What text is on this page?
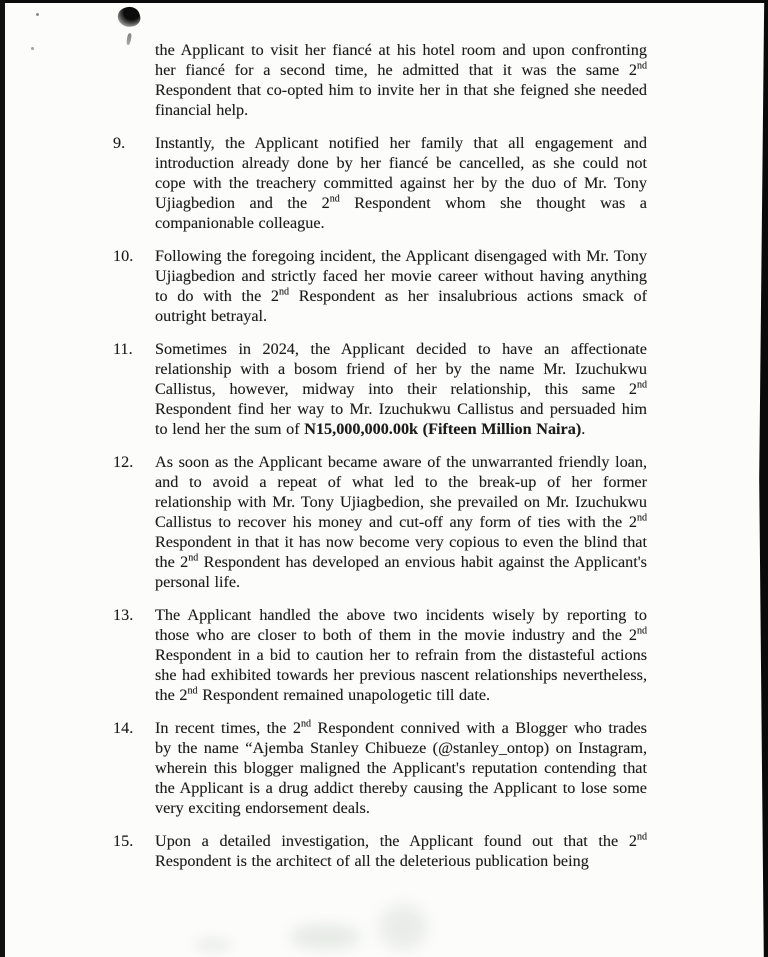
the Applicant to visit her fiancé at his hotel room and upon confronting her fiancé for a second time, he admitted that it was the same 2nd Respondent that co-opted him to invite her in that she feigned she needed financial help.

9. Instantly, the Applicant notified her family that all engagement and introduction already done by her fiancé be cancelled, as she could not cope with the treachery committed against her by the duo of Mr. Tony Ujiagbedion and the 2nd Respondent whom she thought was a companionable colleague.

10. Following the foregoing incident, the Applicant disengaged with Mr. Tony Ujiagbedion and strictly faced her movie career without having anything to do with the 2nd Respondent as her insalubrious actions smack of outright betrayal.

11. Sometimes in 2024, the Applicant decided to have an affectionate relationship with a bosom friend of her by the name Mr. Izuchukwu Callistus, however, midway into their relationship, this same 2nd Respondent find her way to Mr. Izuchukwu Callistus and persuaded him to lend her the sum of N15,000,000.00k (Fifteen Million Naira).

12. As soon as the Applicant became aware of the unwarranted friendly loan, and to avoid a repeat of what led to the break-up of her former relationship with Mr. Tony Ujiagbedion, she prevailed on Mr. Izuchukwu Callistus to recover his money and cut-off any form of ties with the 2nd Respondent in that it has now become very copious to even the blind that the 2nd Respondent has developed an envious habit against the Applicant's personal life.

13. The Applicant handled the above two incidents wisely by reporting to those who are closer to both of them in the movie industry and the 2nd Respondent in a bid to caution her to refrain from the distasteful actions she had exhibited towards her previous nascent relationships nevertheless, the 2nd Respondent remained unapologetic till date.

14. In recent times, the 2nd Respondent connived with a Blogger who trades by the name “Ajemba Stanley Chibueze (@stanley_ontop) on Instagram, wherein this blogger maligned the Applicant's reputation contending that the Applicant is a drug addict thereby causing the Applicant to lose some very exciting endorsement deals.

15. Upon a detailed investigation, the Applicant found out that the 2nd Respondent is the architect of all the deleterious publication being
